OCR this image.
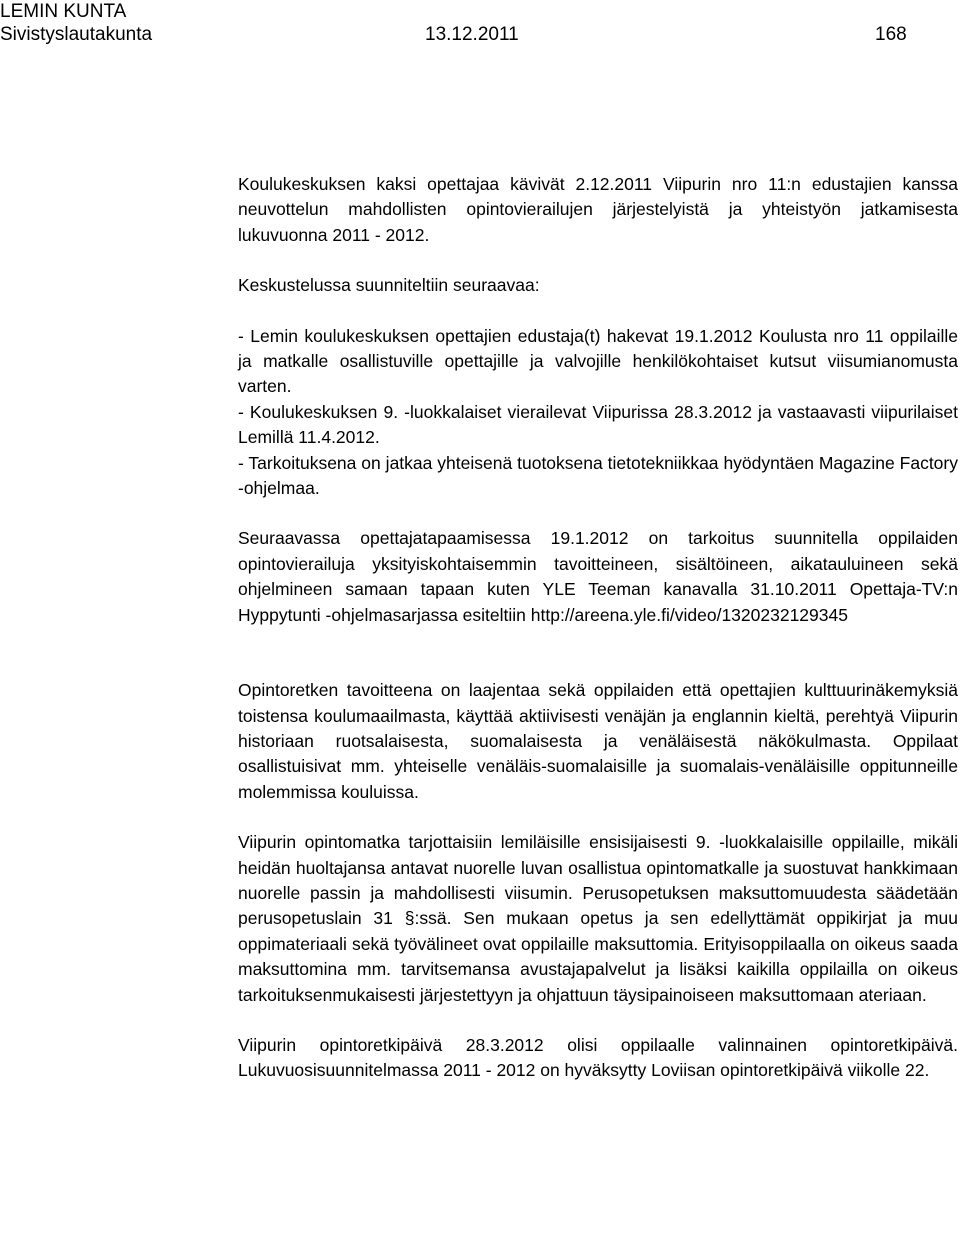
LEMIN KUNTA
Sivistyslautakunta	13.12.2011	168

Koulukeskuksen kaksi opettajaa kävivät 2.12.2011 Viipurin nro 11:n edustajien kanssa neuvottelun mahdollisten opintovierailujen järjestelyistä ja yhteistyön jatkamisesta lukuvuonna 2011 - 2012.

Keskustelussa suunniteltiin seuraavaa:

- Lemin koulukeskuksen opettajien edustaja(t) hakevat 19.1.2012 Koulusta nro 11 oppilaille ja matkalle osallistuville opettajille ja valvojille henkilökohtaiset kutsut viisumianomusta varten.

- Koulukeskuksen 9. -luokkalaiset vierailevat Viipurissa 28.3.2012 ja vastaavasti viipurilaiset Lemillä 11.4.2012.

- Tarkoituksena on jatkaa yhteisenä tuotoksena tietotekniikkaa hyödyntäen Magazine Factory -ohjelmaa.

Seuraavassa opettajatapaamisessa 19.1.2012 on tarkoitus suunnitella oppilaiden opintovierailuja yksityiskohtaisemmin tavoitteineen, sisältöineen, aikatauluineen sekä ohjelmineen samaan tapaan kuten YLE Teeman kanavalla 31.10.2011 Opettaja-TV:n Hyppytunti -ohjelmasarjassa esiteltiin http://areena.yle.fi/video/1320232129345

Opintoretken tavoitteena on laajentaa sekä oppilaiden että opettajien kulttuurinäkemyksiä toistensa koulumaailmasta, käyttää aktiivisesti venäjän ja englannin kieltä, perehtyä Viipurin historiaan ruotsalaisesta, suomalaisesta ja venäläisestä näkökulmasta. Oppilaat osallistuisivat mm. yhteiselle venäläis-suomalaisille ja suomalais-venäläisille oppitunneille molemmissa kouluissa.

Viipurin opintomatka tarjottaisiin lemiläisille ensisijaisesti 9. -luokkalaisille oppilaille, mikäli heidän huoltajansa antavat nuorelle luvan osallistua opintomatkalle ja suostuvat hankkimaan nuorelle passin ja mahdollisesti viisumin. Perusopetuksen maksuttomuudesta säädetään perusopetuslain 31 §:ssä. Sen mukaan opetus ja sen edellyttämät oppikirjat ja muu oppimateriaali sekä työvälineet ovat oppilaille maksuttomia. Erityisoppilaalla on oikeus saada maksuttomina mm. tarvitsemansa avustajapalvelut ja lisäksi kaikilla oppilailla on oikeus tarkoituksenmukaisesti järjestettyyn ja ohjattuun täysipainoiseen maksuttomaan ateriaan.

Viipurin opintoretkipäivä 28.3.2012 olisi oppilaalle valinnainen opintoretkipäivä. Lukuvuosisuunnitelmassa 2011 - 2012 on hyväksytty Loviisan opintoretkipäivä viikolle 22.
